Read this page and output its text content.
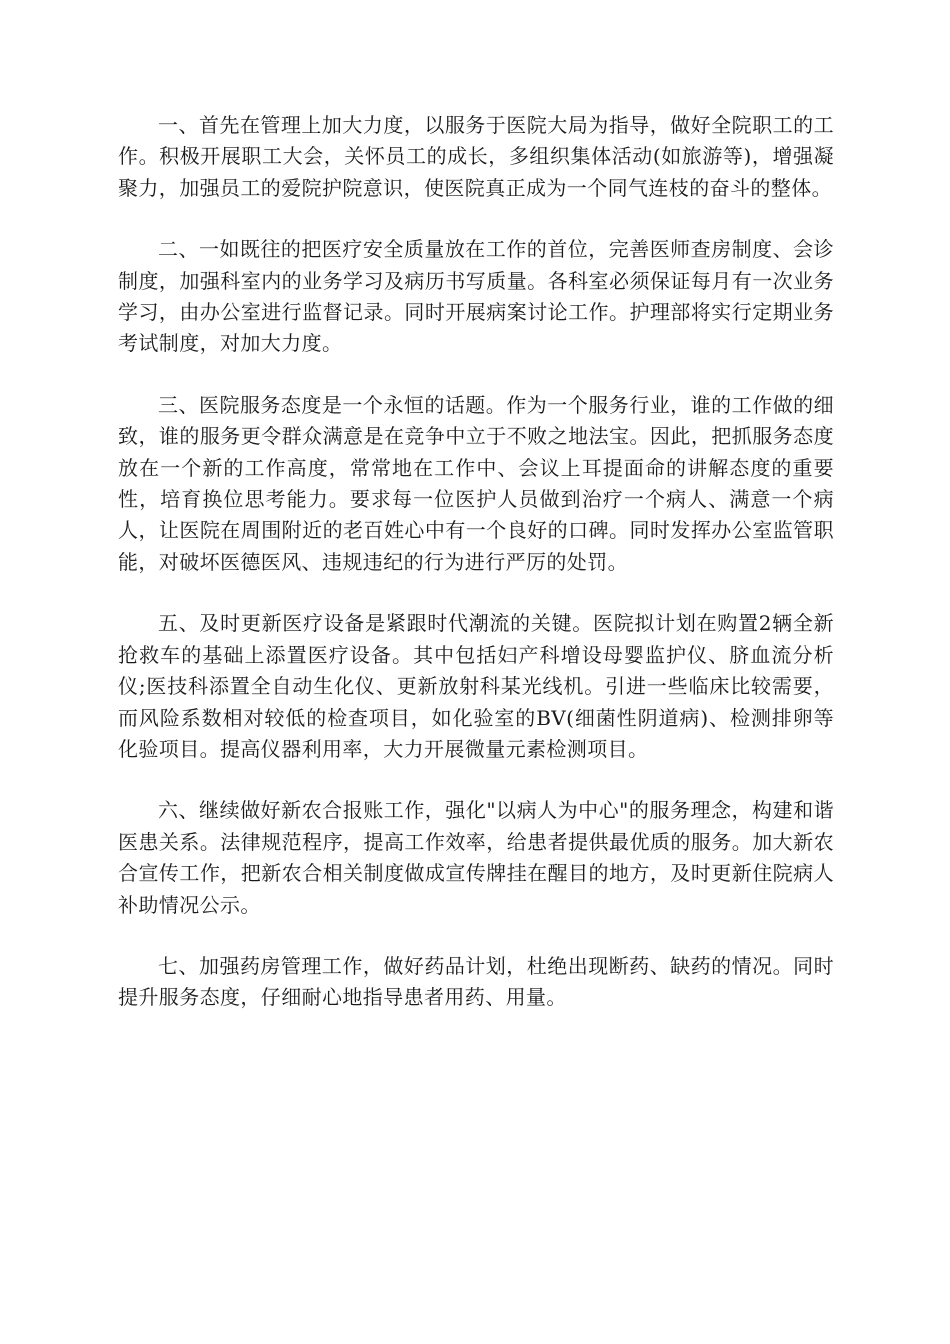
一、首先在管理上加大力度，以服务于医院大局为指导，做好全院职工的工作。积极开展职工大会，关怀员工的成长，多组织集体活动(如旅游等)，增强凝聚力，加强员工的爱院护院意识，使医院真正成为一个同气连枝的奋斗的整体。

二、一如既往的把医疗安全质量放在工作的首位，完善医师查房制度、会诊制度，加强科室内的业务学习及病历书写质量。各科室必须保证每月有一次业务学习，由办公室进行监督记录。同时开展病案讨论工作。护理部将实行定期业务考试制度，对加大力度。

三、医院服务态度是一个永恒的话题。作为一个服务行业，谁的工作做的细致，谁的服务更令群众满意是在竞争中立于不败之地法宝。因此，把抓服务态度放在一个新的工作高度，常常地在工作中、会议上耳提面命的讲解态度的重要性，培育换位思考能力。要求每一位医护人员做到治疗一个病人、满意一个病人，让医院在周围附近的老百姓心中有一个良好的口碑。同时发挥办公室监管职能，对破坏医德医风、违规违纪的行为进行严厉的处罚。

五、及时更新医疗设备是紧跟时代潮流的关键。医院拟计划在购置2辆全新抢救车的基础上添置医疗设备。其中包括妇产科增设母婴监护仪、脐血流分析仪;医技科添置全自动生化仪、更新放射科某光线机。引进一些临床比较需要，而风险系数相对较低的检查项目，如化验室的BV(细菌性阴道病)、检测排卵等化验项目。提高仪器利用率，大力开展微量元素检测项目。

六、继续做好新农合报账工作，强化"以病人为中心"的服务理念，构建和谐医患关系。法律规范程序，提高工作效率，给患者提供最优质的服务。加大新农合宣传工作，把新农合相关制度做成宣传牌挂在醒目的地方，及时更新住院病人补助情况公示。

七、加强药房管理工作，做好药品计划，杜绝出现断药、缺药的情况。同时提升服务态度，仔细耐心地指导患者用药、用量。
